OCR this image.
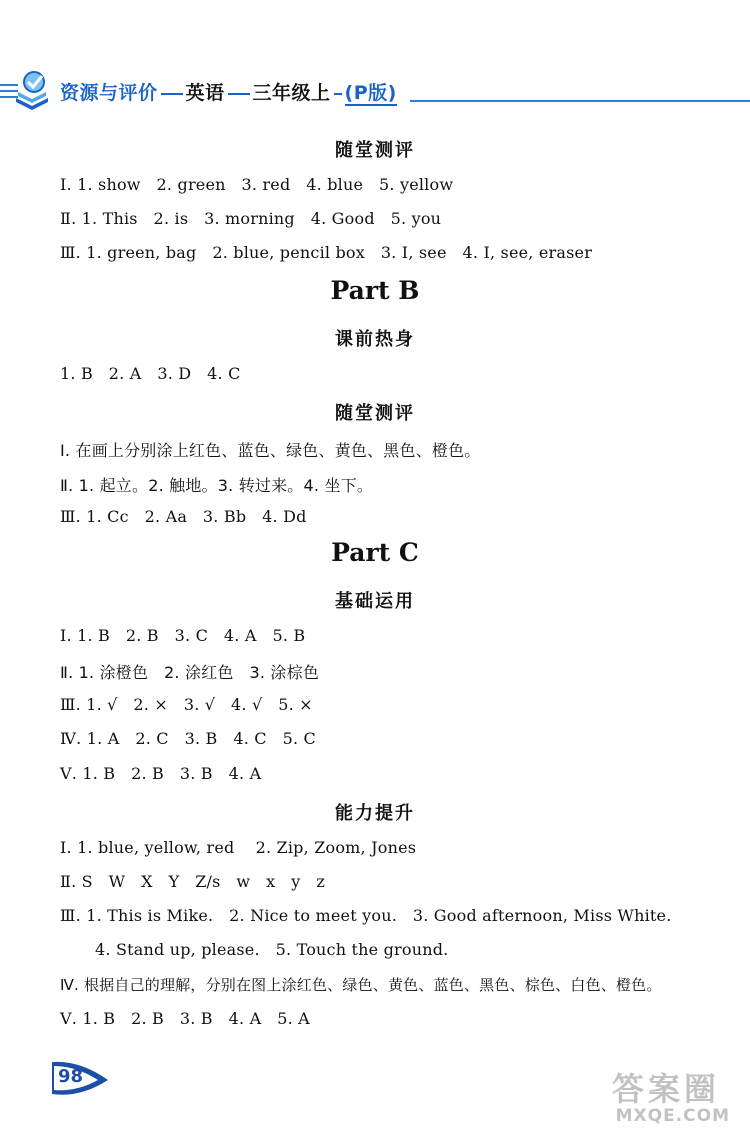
资源与评价 英语 三年级上 (P版)
随堂测评
Ⅰ. 1. show   2. green   3. red   4. blue   5. yellow
Ⅱ. 1. This   2. is   3. morning   4. Good   5. you
Ⅲ. 1. green, bag   2. blue, pencil box   3. I, see   4. I, see, eraser
Part B
课前热身
1. B   2. A   3. D   4. C
随堂测评
Ⅰ. 在画上分别涂上红色、蓝色、绿色、黄色、黑色、橙色。
Ⅱ. 1. 起立。2. 触地。3. 转过来。4. 坐下。
Ⅲ. 1. Cc   2. Aa   3. Bb   4. Dd
Part C
基础运用
Ⅰ. 1. B   2. B   3. C   4. A   5. B
Ⅱ. 1. 涂橙色   2. 涂红色   3. 涂棕色
Ⅲ. 1. √   2. ×   3. √   4. √   5. ×
Ⅳ. 1. A   2. C   3. B   4. C   5. C
Ⅴ. 1. B   2. B   3. B   4. A
能力提升
Ⅰ. 1. blue, yellow, red    2. Zip, Zoom, Jones
Ⅱ. S   W   X   Y   Z/s   w   x   y   z
Ⅲ. 1. This is Mike.   2. Nice to meet you.   3. Good afternoon, Miss White.
4. Stand up, please.   5. Touch the ground.
Ⅳ. 根据自己的理解，分别在图上涂红色、绿色、黄色、蓝色、黑色、棕色、白色、橙色。
Ⅴ. 1. B   2. B   3. B   4. A   5. A
98	答案圈
MXQE.COM
